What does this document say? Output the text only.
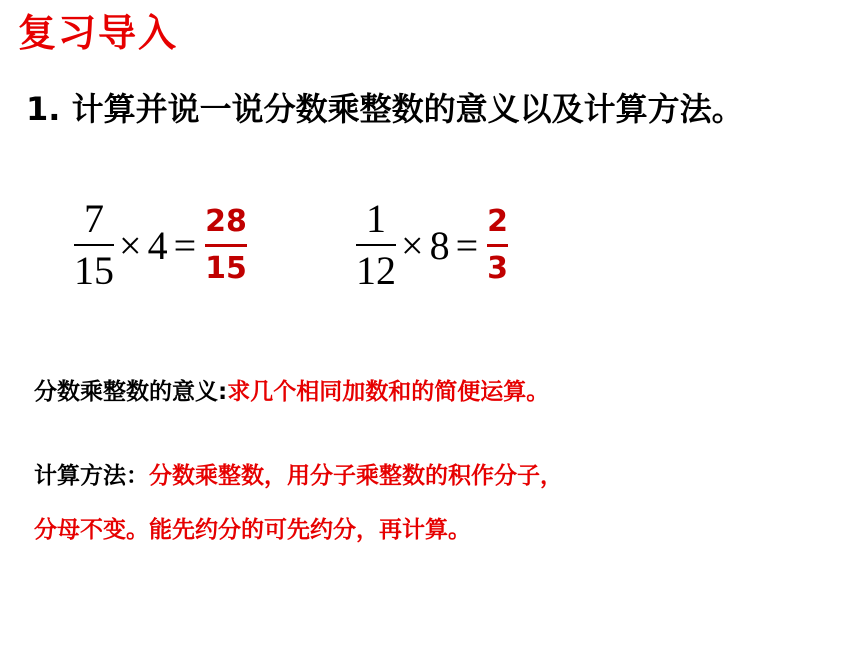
复习导入
1. 计算并说一说分数乘整数的意义以及计算方法。
$\frac{7}{15} \times 4 = \frac{28}{15}$	$\frac{1}{12} \times 8 = \frac{2}{3}$
分数乘整数的意义:求几个相同加数和的简便运算。
计算方法：分数乘整数，用分子乘整数的积作分子，
分母不变。能先约分的可先约分，再计算。
